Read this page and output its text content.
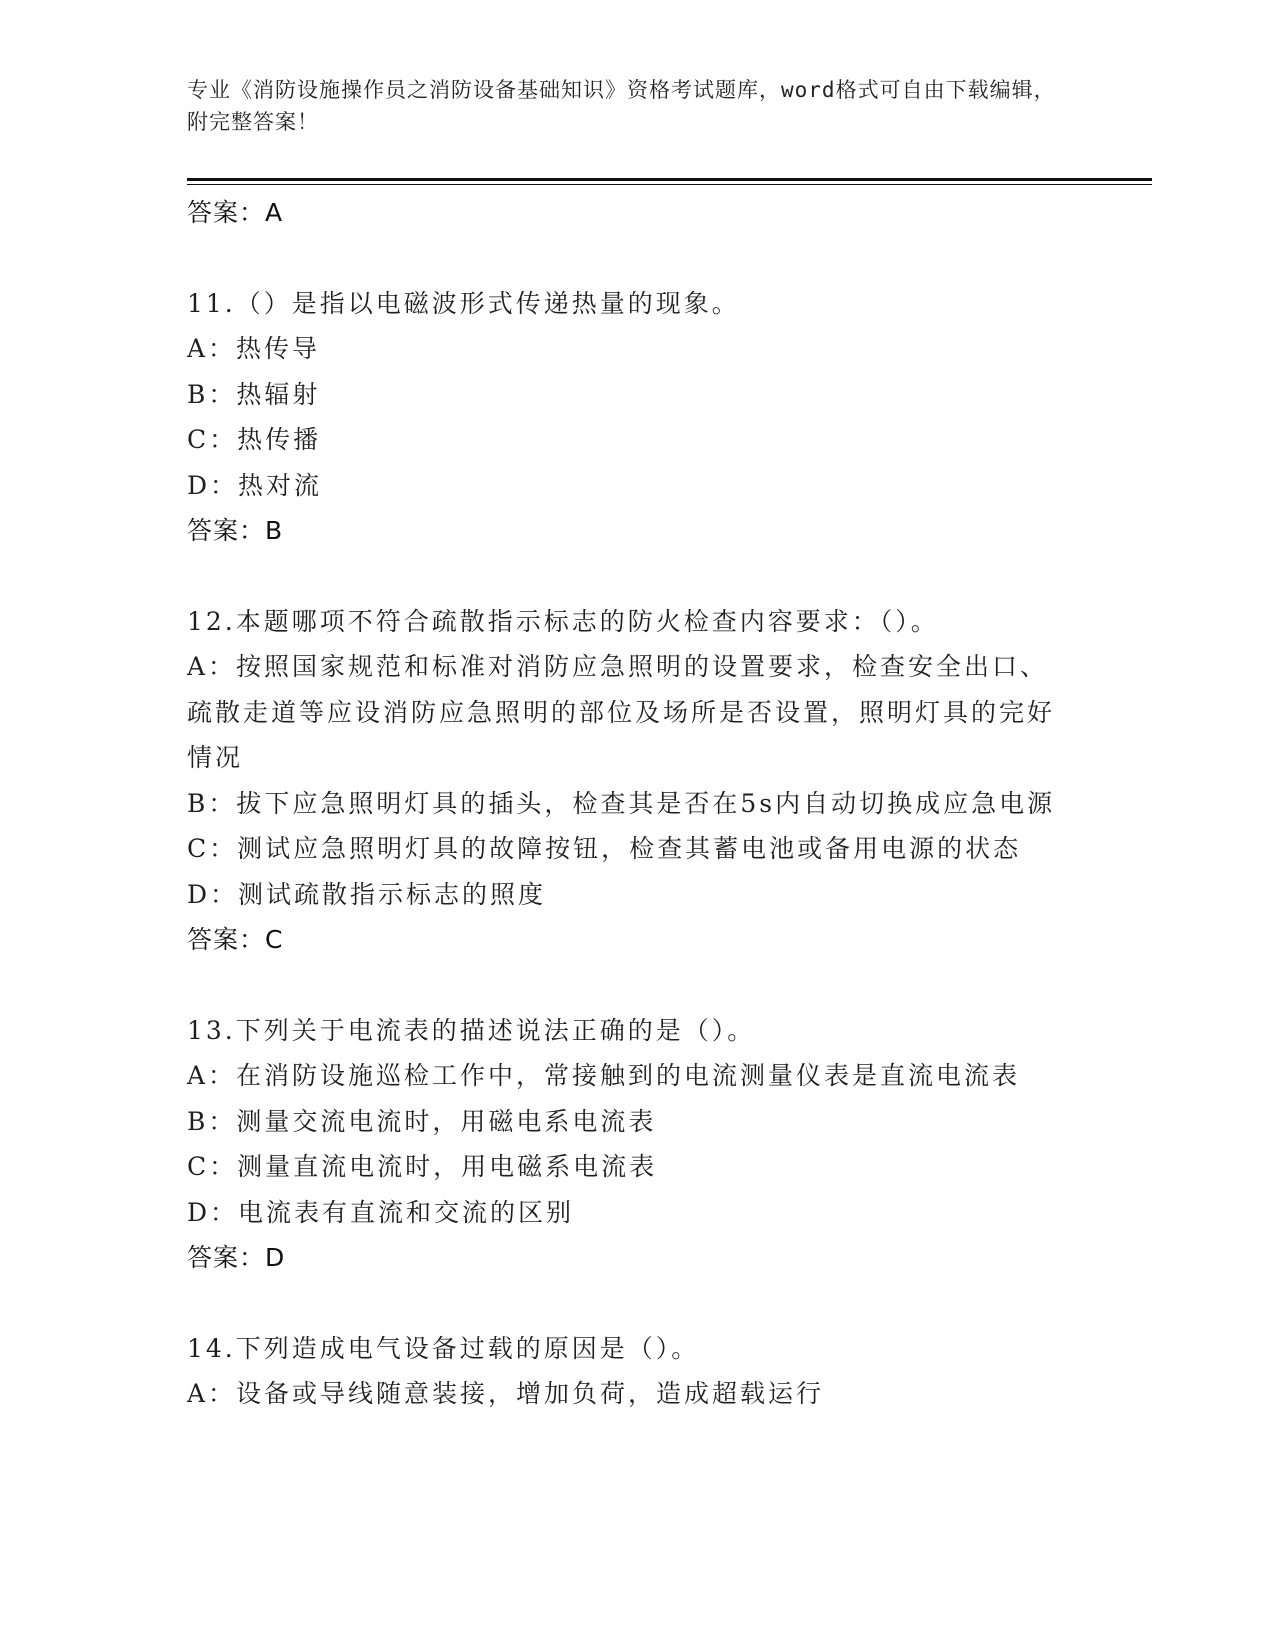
专业《消防设施操作员之消防设备基础知识》资格考试题库，word格式可自由下载编辑，附完整答案！
答案：A
11.（）是指以电磁波形式传递热量的现象。
A：热传导
B：热辐射
C：热传播
D：热对流
答案：B
12.本题哪项不符合疏散指示标志的防火检查内容要求：（）。
A：按照国家规范和标准对消防应急照明的设置要求，检查安全出口、疏散走道等应设消防应急照明的部位及场所是否设置，照明灯具的完好情况
B：拔下应急照明灯具的插头，检查其是否在5s内自动切换成应急电源
C：测试应急照明灯具的故障按钮，检查其蓄电池或备用电源的状态
D：测试疏散指示标志的照度
答案：C
13.下列关于电流表的描述说法正确的是（）。
A：在消防设施巡检工作中，常接触到的电流测量仪表是直流电流表
B：测量交流电流时，用磁电系电流表
C：测量直流电流时，用电磁系电流表
D：电流表有直流和交流的区别
答案：D
14.下列造成电气设备过载的原因是（）。
A：设备或导线随意装接，增加负荷，造成超载运行
